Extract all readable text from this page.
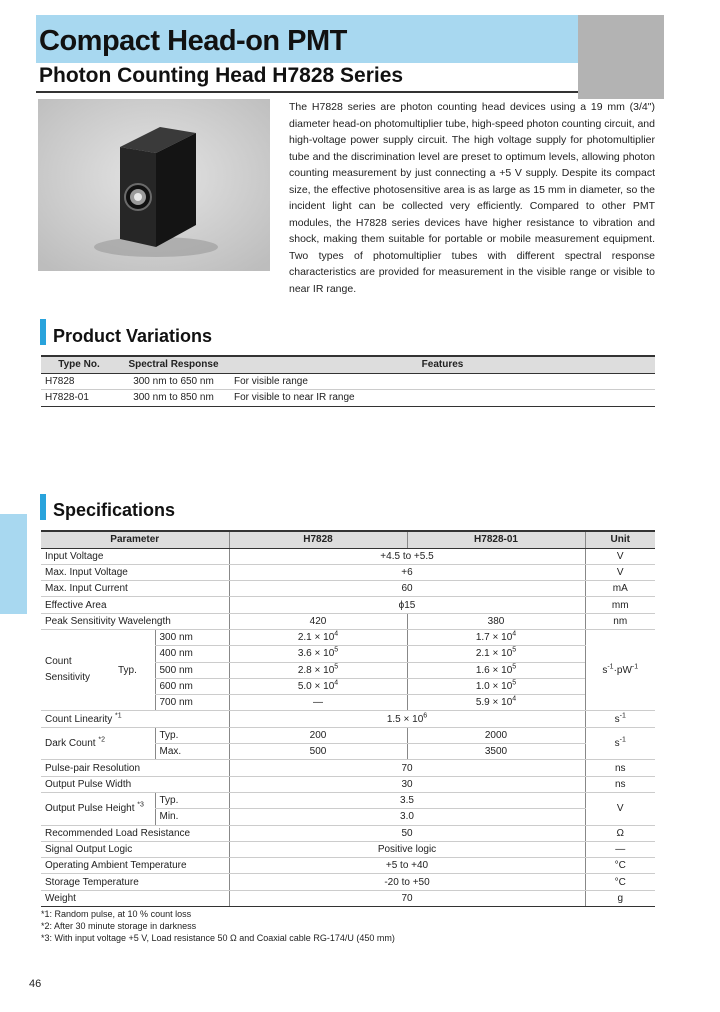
Compact Head-on PMT
Photon Counting Head H7828 Series
The H7828 series are photon counting head devices using a 19 mm (3/4") diameter head-on photomultiplier tube, high-speed photon counting circuit, and high-voltage power supply circuit. The high voltage supply for photomultiplier tube and the discrimination level are preset to optimum levels, allowing photon counting measurement by just connecting a +5 V supply. Despite its compact size, the effective photosensitive area is as large as 15 mm in diameter, so the incident light can be collected very efficiently. Compared to other PMT modules, the H7828 series devices have higher resistance to vibration and shock, making them suitable for portable or mobile measurement equipment. Two types of photomultiplier tubes with different spectral response characteristics are provided for measurement in the visible range or visible to near IR range.
Product Variations
Type No.	Spectral Response	Features
H7828	300 nm to 650 nm	For visible range
H7828-01	300 nm to 850 nm	For visible to near IR range
Specifications
Parameter			H7828	H7828-01	Unit
Input Voltage			+4.5 to +5.5		V
Max. Input Voltage			+6		V
Max. Input Current			60		mA
Effective Area			ϕ15		mm
Peak Sensitivity Wavelength			420	380	nm
Count
Sensitivity	Typ.	300 nm	$2.1 \times 10^4$	$1.7 \times 10^4$	$s^{-1}\cdot pW^{-1}$
		400 nm	$3.6 \times 10^5$	$2.1 \times 10^5$
		500 nm	$2.8 \times 10^5$	$1.6 \times 10^5$
		600 nm	$5.0 \times 10^4$	$1.0 \times 10^5$
		700 nm	—	$5.9 \times 10^4$
Count Linearity $^{*1}$			$1.5 \times 10^6$		$s^{-1}$
Dark Count $^{*2}$		Typ.	200	2000	$s^{-1}$
		Max.	500	3500	
Pulse-pair Resolution			70		ns
Output Pulse Width			30		ns
Output Pulse Height $^{*3}$		Typ.	3.5		V
		Min.	3.0		
Recommended Load Resistance			50		Ω
Signal Output Logic			Positive logic		—
Operating Ambient Temperature			+5 to +40		°C
Storage Temperature			-20 to +50		°C
Weight			70		g
*1: Random pulse, at 10 % count loss
*2: After 30 minute storage in darkness
*3: With input voltage +5 V, Load resistance 50 Ω and Coaxial cable RG-174/U (450 mm)
46
